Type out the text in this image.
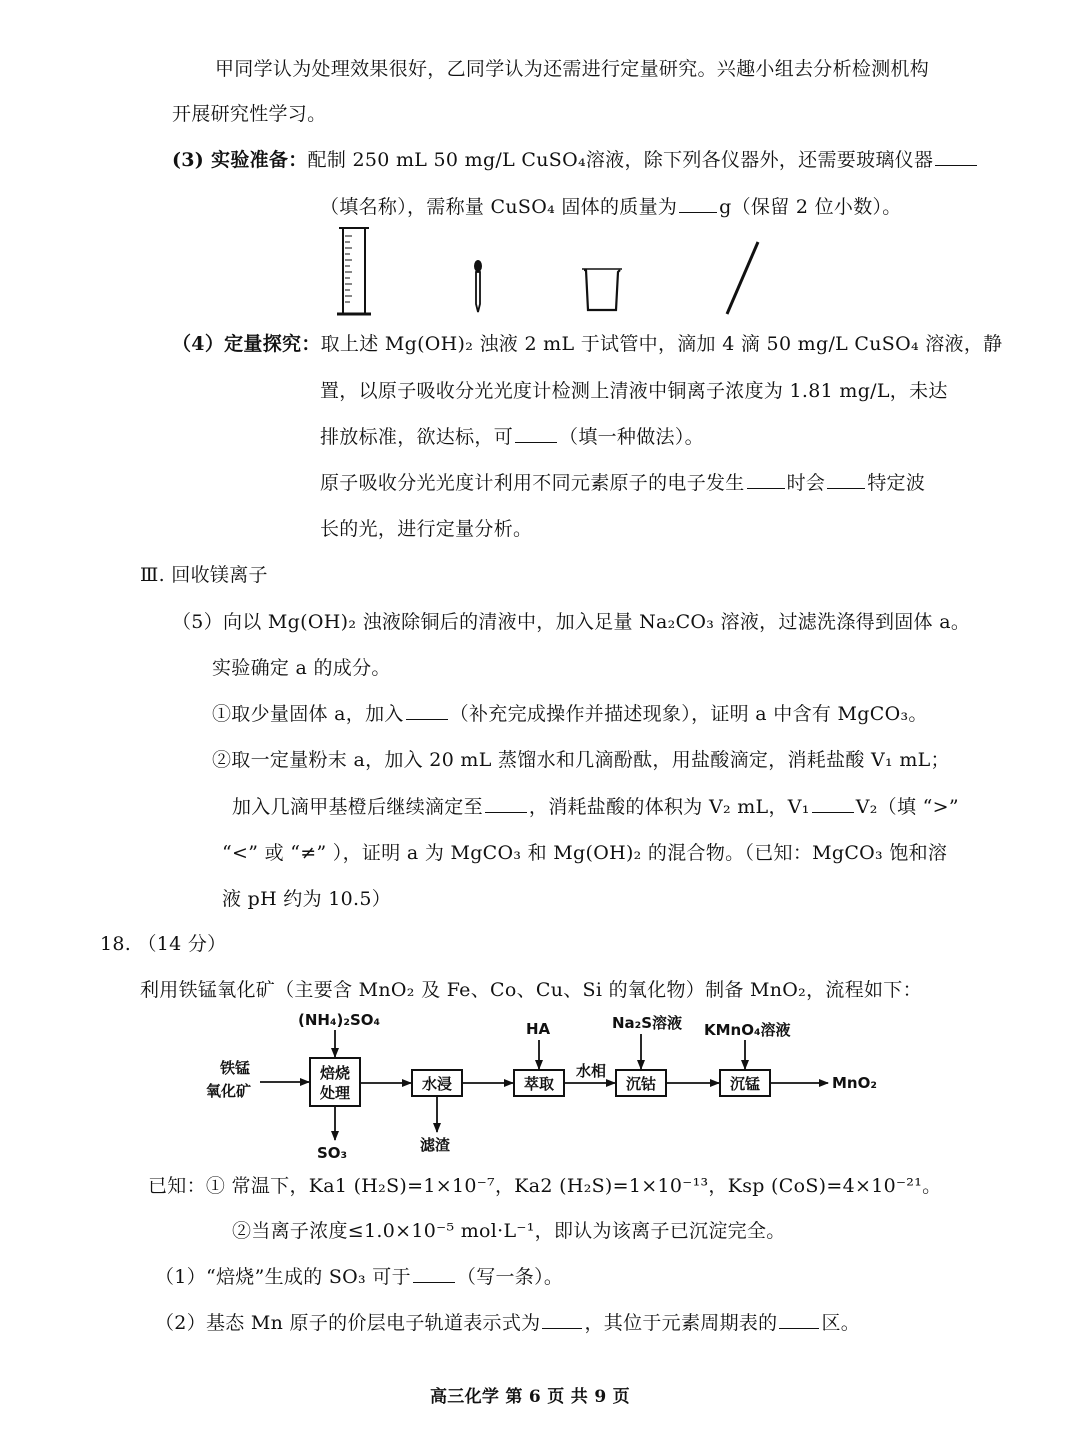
甲同学认为处理效果很好，乙同学认为还需进行定量研究。兴趣小组去分析检测机构
开展研究性学习。
(3) 实验准备：配制 250 mL 50 mg/L CuSO₄溶液，除下列各仪器外，还需要玻璃仪器
（填名称），需称量 CuSO₄ 固体的质量为 g（保留 2 位小数）。
（4）定量探究：取上述 Mg(OH)₂ 浊液 2 mL 于试管中，滴加 4 滴 50 mg/L CuSO₄ 溶液，静
置，以原子吸收分光光度计检测上清液中铜离子浓度为 1.81 mg/L，未达
排放标准，欲达标，可 （填一种做法）。
原子吸收分光光度计利用不同元素原子的电子发生 时会 特定波
长的光，进行定量分析。
Ⅲ. 回收镁离子
（5）向以 Mg(OH)₂ 浊液除铜后的清液中，加入足量 Na₂CO₃ 溶液，过滤洗涤得到固体 a。
实验确定 a 的成分。
①取少量固体 a，加入 （补充完成操作并描述现象），证明 a 中含有 MgCO₃。
②取一定量粉末 a，加入 20 mL 蒸馏水和几滴酚酞，用盐酸滴定，消耗盐酸 V₁ mL；
加入几滴甲基橙后继续滴定至 ，消耗盐酸的体积为 V₂ mL，V₁ V₂（填 “>”
“<” 或 “≠” ），证明 a 为 MgCO₃ 和 Mg(OH)₂ 的混合物。（已知：MgCO₃ 饱和溶
液 pH 约为 10.5）
18. （14 分）
利用铁锰氧化矿（主要含 MnO₂ 及 Fe、Co、Cu、Si 的氧化物）制备 MnO₂，流程如下：
铁锰
氧化矿
(NH₄)₂SO₄
SO₃	滤渣
HA	Na₂S溶液 KMnO₄溶液
水相
MnO₂
焙烧
处理	水浸	萃取	沉钴	沉锰
已知：① 常温下，Ka1 (H₂S)=1×10⁻⁷，Ka2 (H₂S)=1×10⁻¹³，Ksp (CoS)=4×10⁻²¹。
②当离子浓度≤1.0×10⁻⁵ mol·L⁻¹，即认为该离子已沉淀完全。
（1）“焙烧”生成的 SO₃ 可于 （写一条）。
（2）基态 Mn 原子的价层电子轨道表示式为 ，其位于元素周期表的 区。
高三化学 第 6 页 共 9 页
